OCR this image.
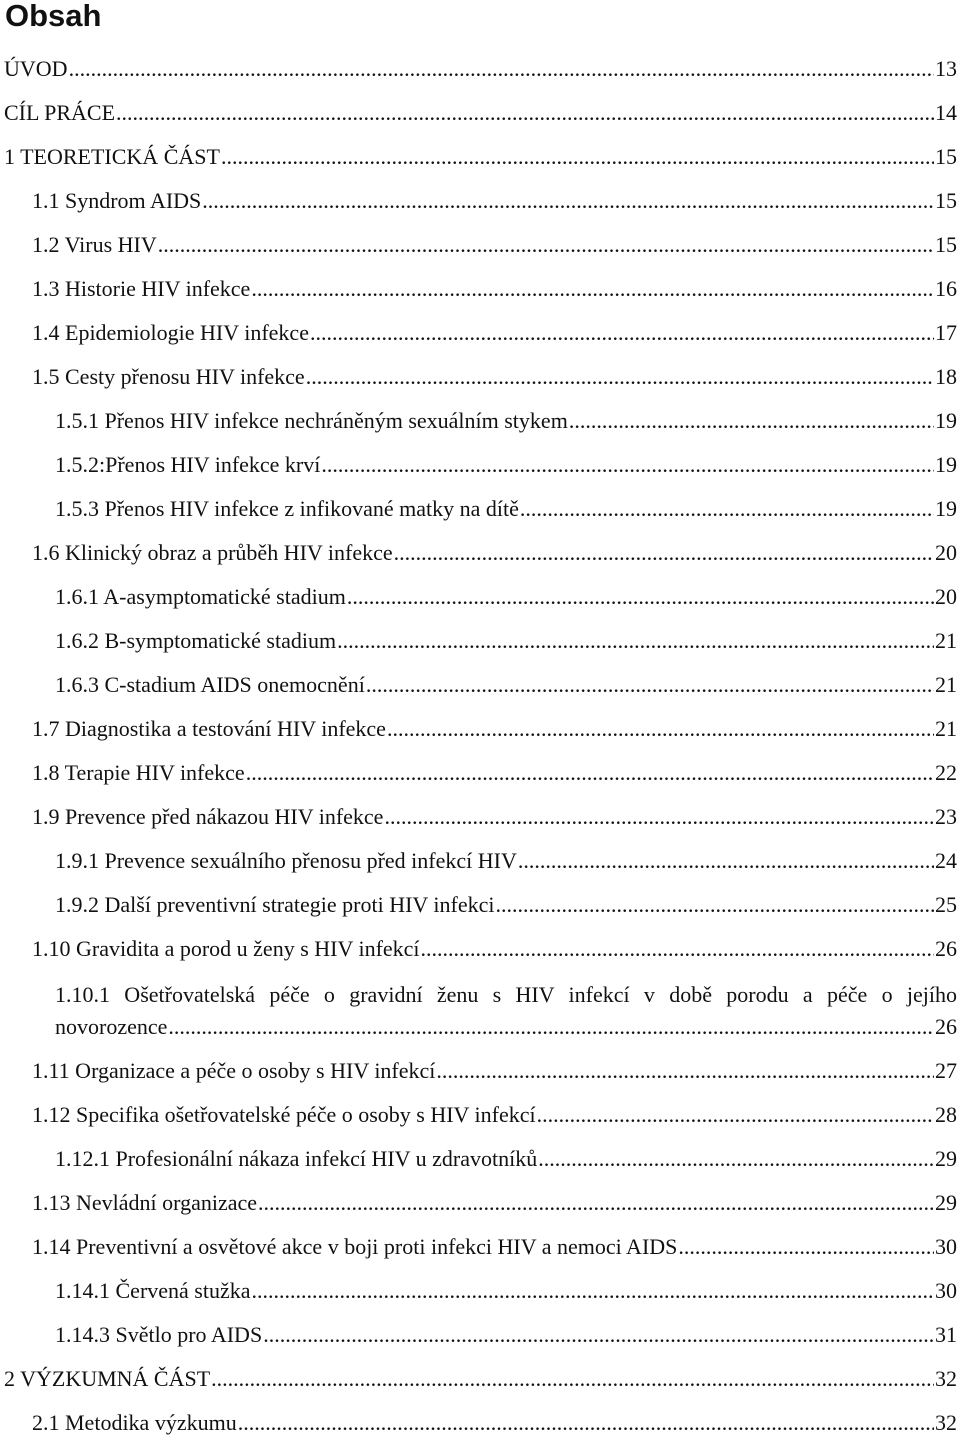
Obsah
ÚVOD .....	13
CÍL PRÁCE .....	14
1 TEORETICKÁ ČÁST .....	15
1.1 Syndrom AIDS .....	15
1.2 Virus HIV .....	15
1.3 Historie HIV infekce .....	16
1.4 Epidemiologie HIV infekce .....	17
1.5 Cesty přenosu HIV infekce .....	18
1.5.1 Přenos HIV infekce nechráněným sexuálním stykem .....	19
1.5.2:Přenos HIV infekce krví .....	19
1.5.3 Přenos HIV infekce z infikované matky na dítě .....	19
1.6 Klinický obraz a průběh HIV infekce .....	20
1.6.1 A-asymptomatické stadium .....	20
1.6.2 B-symptomatické stadium .....	21
1.6.3 C-stadium AIDS onemocnění .....	21
1.7 Diagnostika a testování HIV infekce .....	21
1.8 Terapie HIV infekce .....	22
1.9 Prevence před nákazou HIV infekce .....	23
1.9.1 Prevence sexuálního přenosu před infekcí HIV .....	24
1.9.2 Další preventivní strategie proti HIV infekci .....	25
1.10 Gravidita a porod u ženy s HIV infekcí .....	26
1.10.1 Ošetřovatelská péče o gravidní ženu s HIV infekcí v době porodu a péče o jejího
novorozence .....	26
1.11 Organizace a péče o osoby s HIV infekcí .....	27
1.12 Specifika ošetřovatelské péče o osoby s HIV infekcí .....	28
1.12.1 Profesionální nákaza infekcí HIV u zdravotníků .....	29
1.13 Nevládní organizace .....	29
1.14 Preventivní a osvětové akce v boji proti infekci HIV a nemoci AIDS .....	30
1.14.1 Červená stužka .....	30
1.14.3 Světlo pro AIDS .....	31
2 VÝZKUMNÁ ČÁST .....	32
2.1 Metodika výzkumu .....	32
